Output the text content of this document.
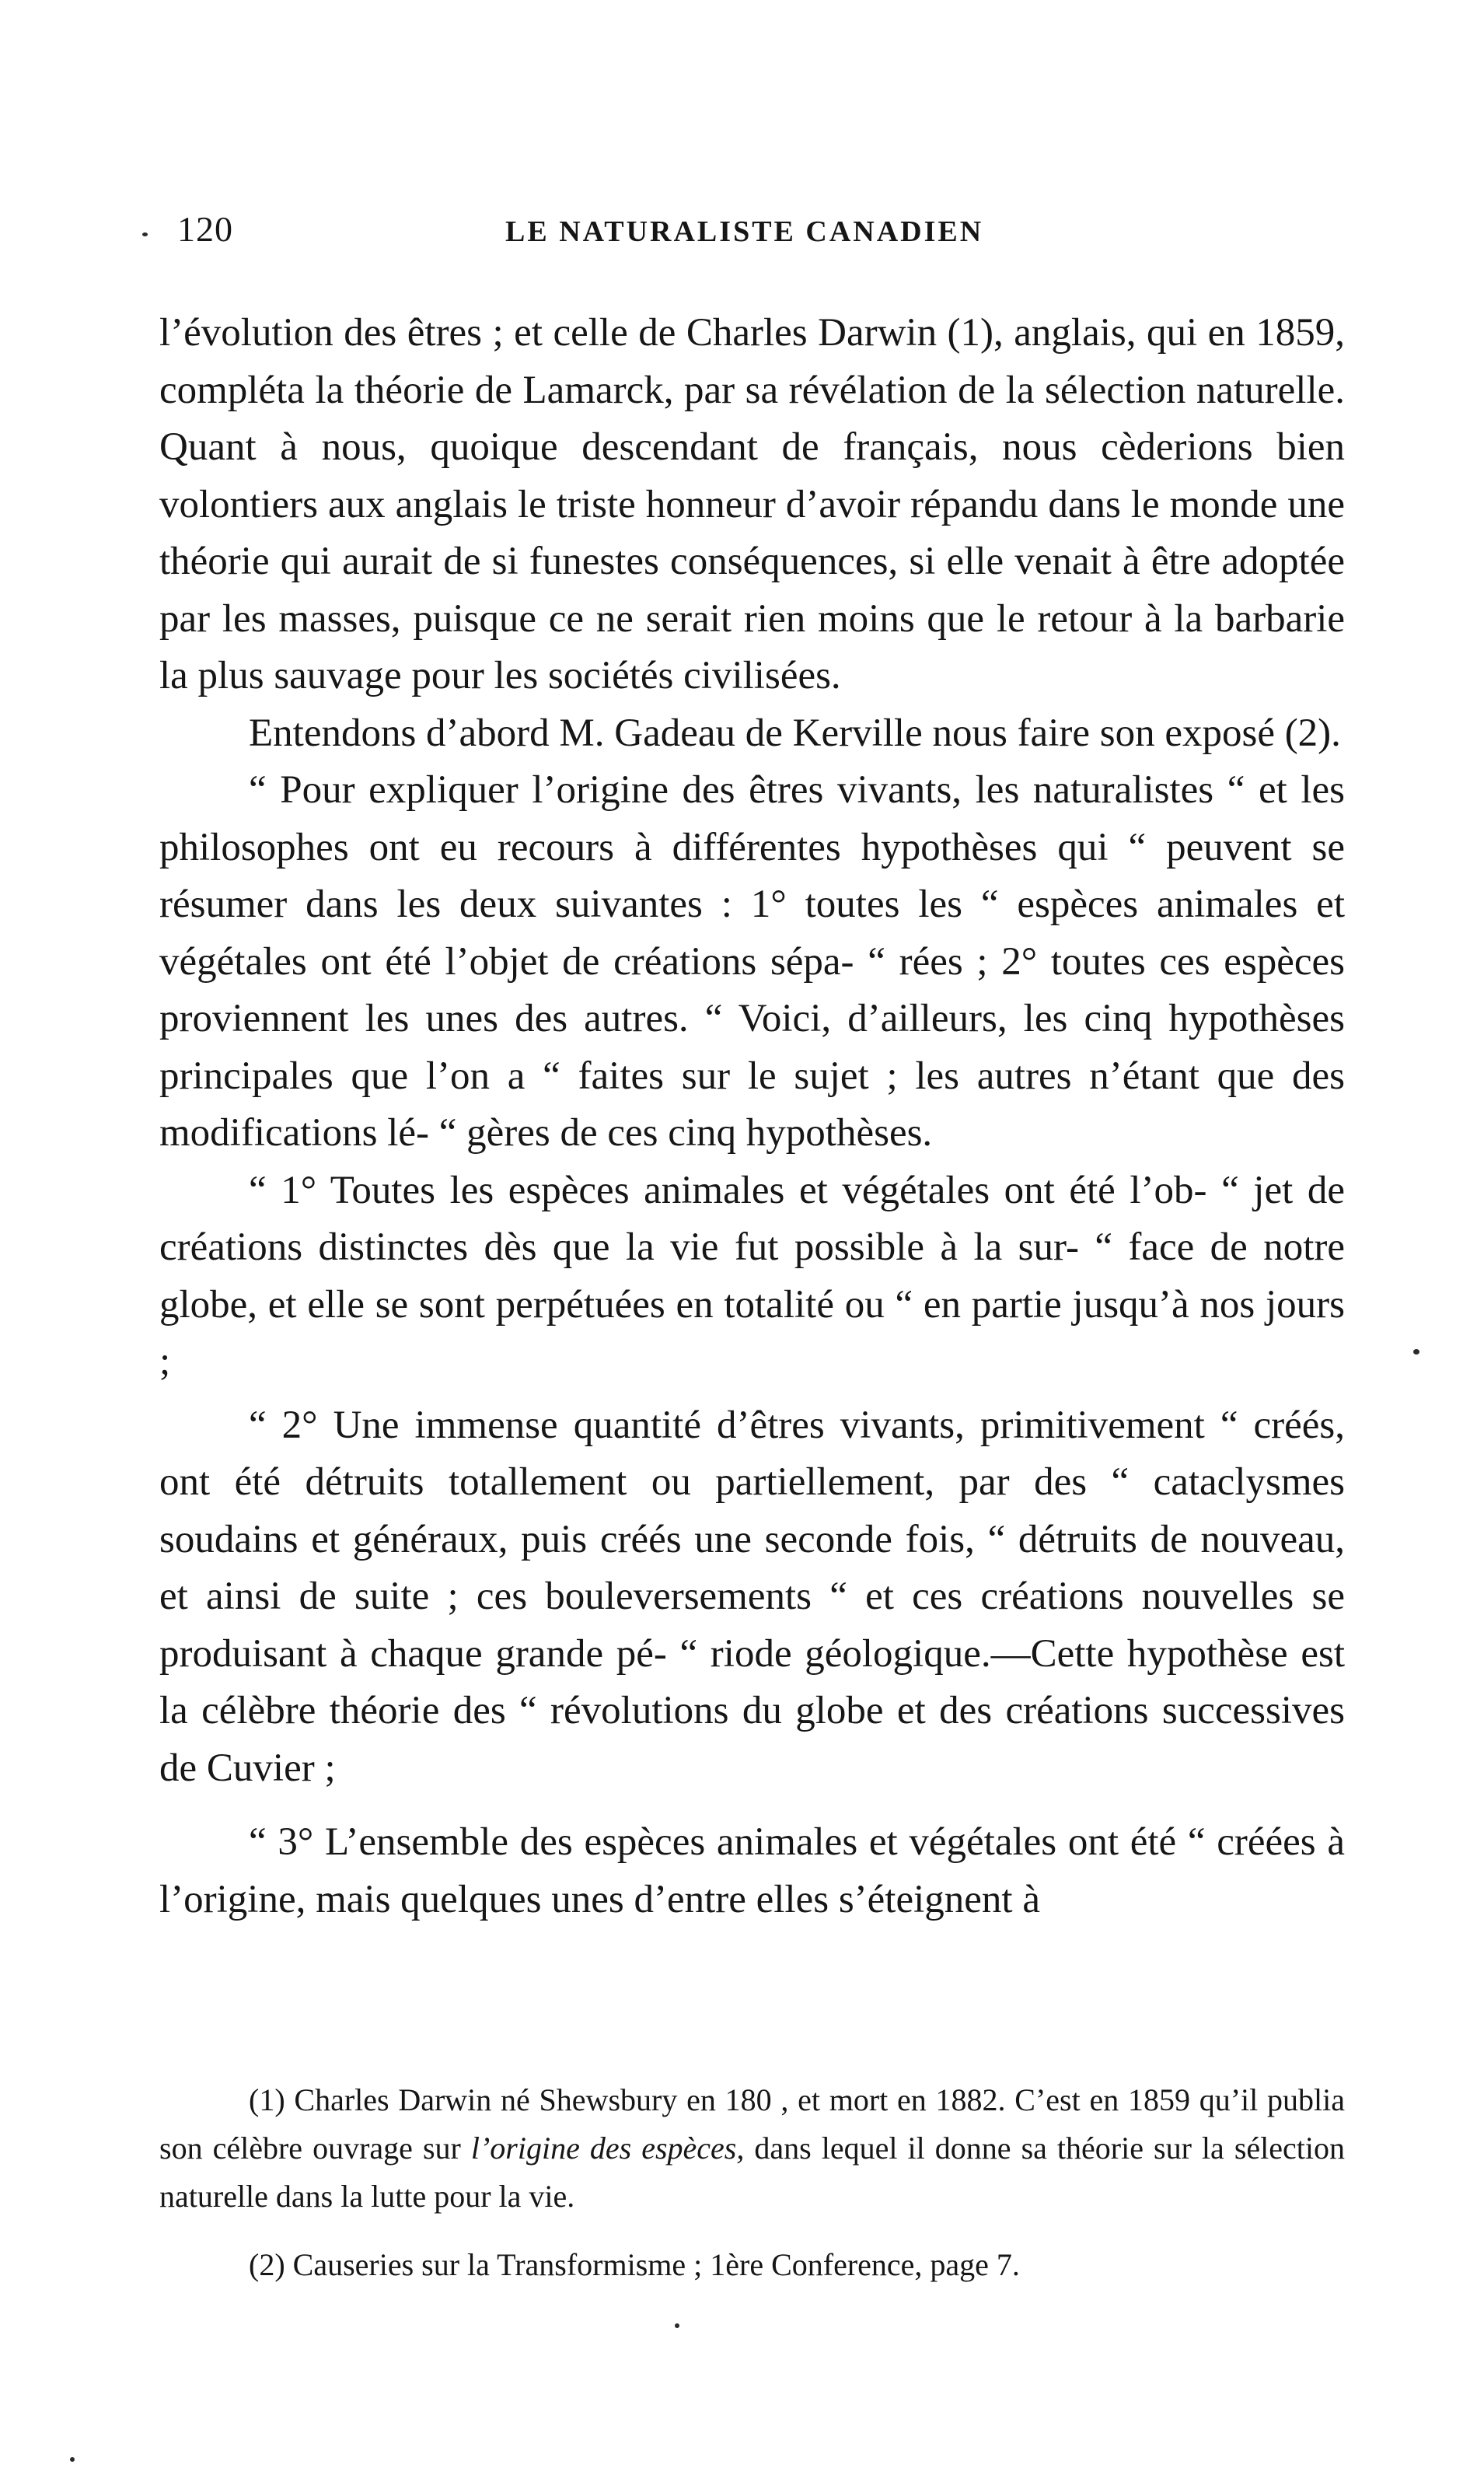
120	LE NATURALISTE CANADIEN

l’évolution des êtres ; et celle de Charles Darwin (1), anglais, qui en 1859, compléta la théorie de Lamarck, par sa révélation de la sélection naturelle. Quant à nous, quoique descendant de français, nous cèderions bien volontiers aux anglais le triste honneur d’avoir répandu dans le monde une théorie qui aurait de si funestes conséquences, si elle venait à être adoptée par les masses, puisque ce ne serait rien moins que le retour à la barbarie la plus sauvage pour les sociétés civilisées.

Entendons d’abord M. Gadeau de Kerville nous faire son exposé (2).

“ Pour expliquer l’origine des êtres vivants, les naturalistes “ et les philosophes ont eu recours à différentes hypothèses qui “ peuvent se résumer dans les deux suivantes : 1° toutes les “ espèces animales et végétales ont été l’objet de créations sépa- “ rées ; 2° toutes ces espèces proviennent les unes des autres. “ Voici, d’ailleurs, les cinq hypothèses principales que l’on a “ faites sur le sujet ; les autres n’étant que des modifications lé- “ gères de ces cinq hypothèses.

“ 1° Toutes les espèces animales et végétales ont été l’ob- “ jet de créations distinctes dès que la vie fut possible à la sur- “ face de notre globe, et elle se sont perpétuées en totalité ou “ en partie jusqu’à nos jours ;

“ 2° Une immense quantité d’êtres vivants, primitivement “ créés, ont été détruits totallement ou partiellement, par des “ cataclysmes soudains et généraux, puis créés une seconde fois, “ détruits de nouveau, et ainsi de suite ; ces bouleversements “ et ces créations nouvelles se produisant à chaque grande pé- “ riode géologique.—Cette hypothèse est la célèbre théorie des “ révolutions du globe et des créations successives de Cuvier ;

“ 3° L’ensemble des espèces animales et végétales ont été “ créées à l’origine, mais quelques unes d’entre elles s’éteignent à

(1) Charles Darwin né Shewsbury en 180 , et mort en 1882. C’est en 1859 qu’il publia son célèbre ouvrage sur l’origine des espèces, dans lequel il donne sa théorie sur la sélection naturelle dans la lutte pour la vie.

(2) Causeries sur la Transformisme ; 1ère Conference, page 7.
